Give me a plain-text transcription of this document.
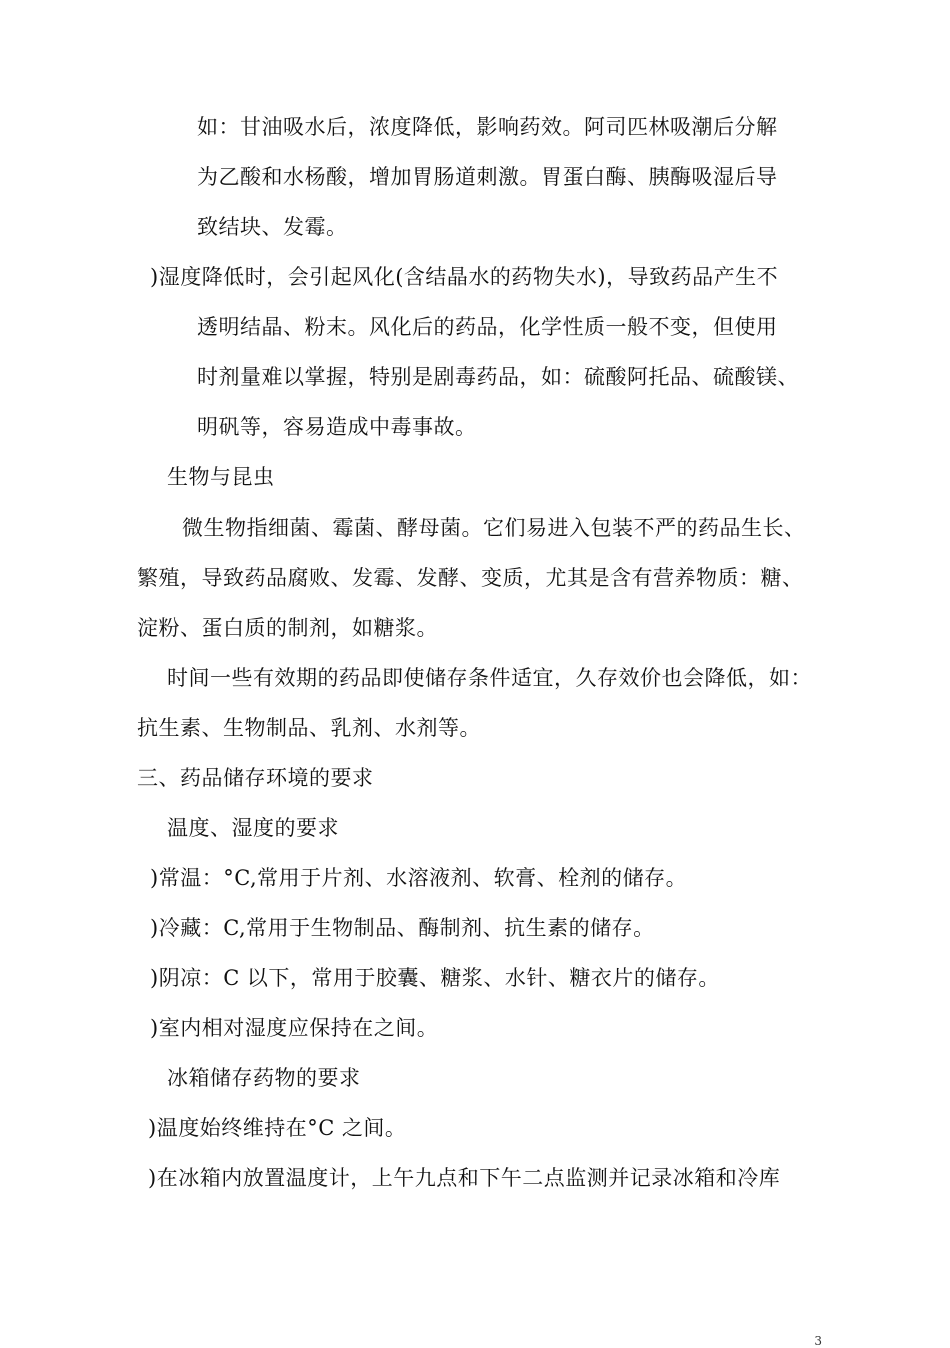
如：甘油吸水后，浓度降低，影响药效。阿司匹林吸潮后分解
为乙酸和水杨酸，增加胃肠道刺激。胃蛋白酶、胰酶吸湿后导
致结块、发霉。
)湿度降低时，会引起风化(含结晶水的药物失水)，导致药品产生不
透明结晶、粉末。风化后的药品，化学性质一般不变，但使用
时剂量难以掌握，特别是剧毒药品，如：硫酸阿托品、硫酸镁、
明矾等，容易造成中毒事故。
生物与昆虫
微生物指细菌、霉菌、酵母菌。它们易进入包装不严的药品生长、
繁殖，导致药品腐败、发霉、发酵、变质，尤其是含有营养物质：糖、
淀粉、蛋白质的制剂，如糖浆。
时间一些有效期的药品即使储存条件适宜，久存效价也会降低，如：
抗生素、生物制品、乳剂、水剂等。
三、药品储存环境的要求
温度、湿度的要求
)常温：°C,常用于片剂、水溶液剂、软膏、栓剂的储存。
)冷藏：C,常用于生物制品、酶制剂、抗生素的储存。
)阴凉：C 以下，常用于胶囊、糖浆、水针、糖衣片的储存。
)室内相对湿度应保持在之间。
冰箱储存药物的要求
)温度始终维持在°C 之间。
)在冰箱内放置温度计，上午九点和下午二点监测并记录冰箱和冷库
3
